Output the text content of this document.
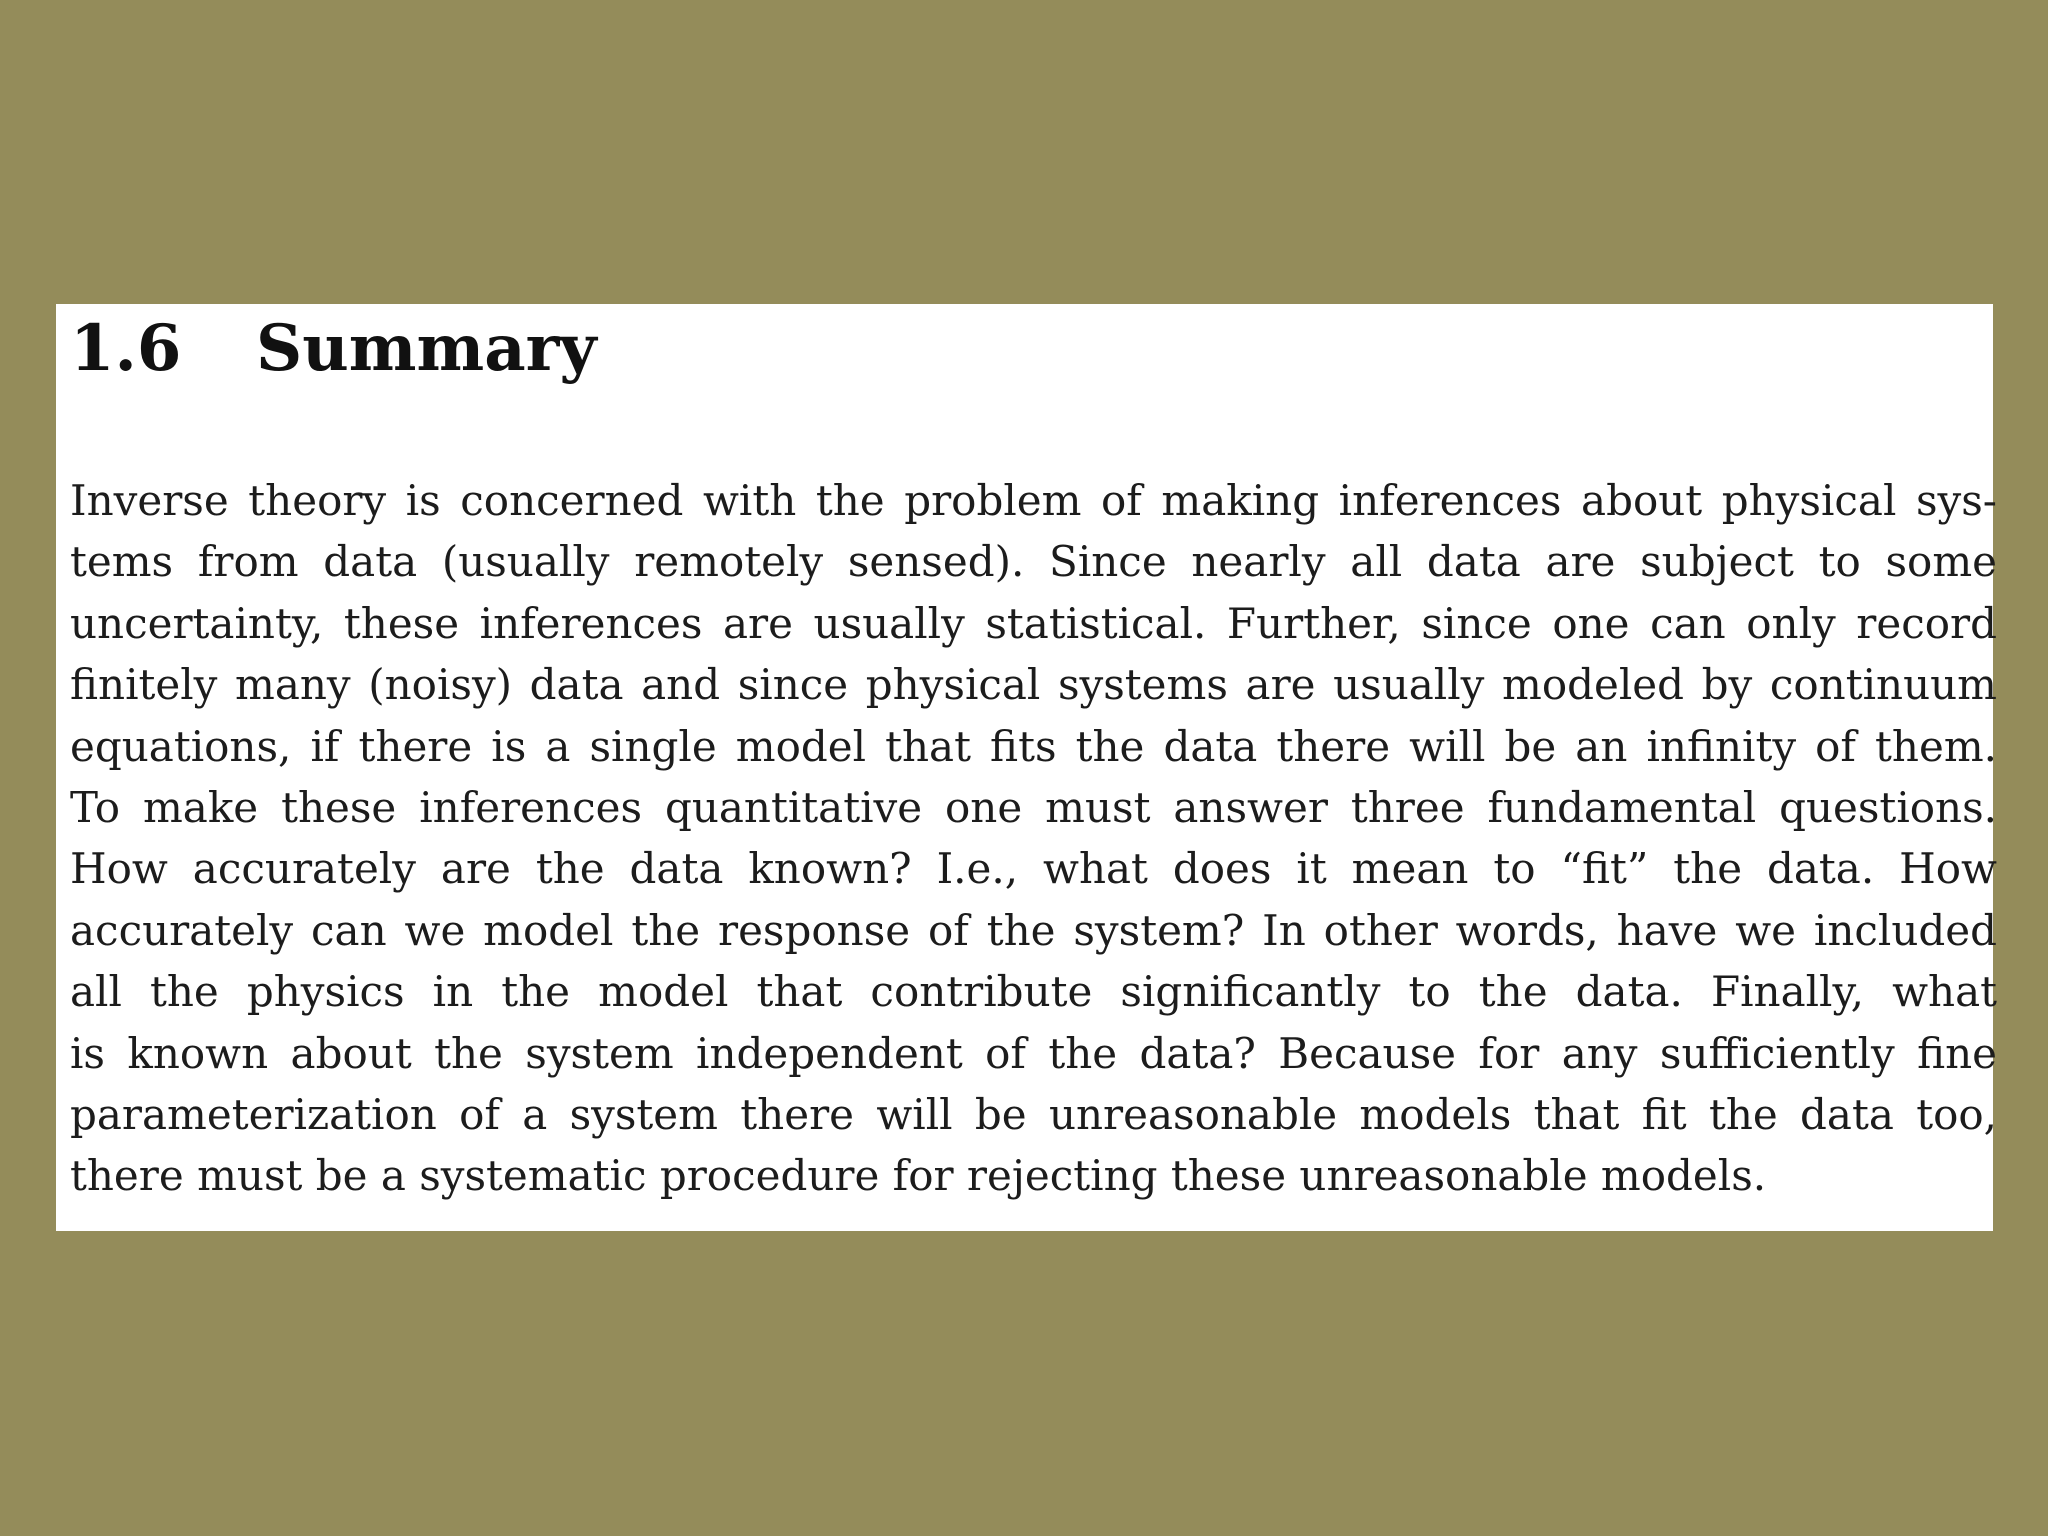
1.6	Summary
Inverse theory is concerned with the problem of making inferences about physical sys-
tems from data (usually remotely sensed). Since nearly all data are subject to some
uncertainty, these inferences are usually statistical. Further, since one can only record
finitely many (noisy) data and since physical systems are usually modeled by continuum
equations, if there is a single model that fits the data there will be an infinity of them.
To make these inferences quantitative one must answer three fundamental questions.
How accurately are the data known? I.e., what does it mean to “fit” the data. How
accurately can we model the response of the system? In other words, have we included
all the physics in the model that contribute significantly to the data. Finally, what
is known about the system independent of the data? Because for any sufficiently fine
parameterization of a system there will be unreasonable models that fit the data too,
there must be a systematic procedure for rejecting these unreasonable models.
